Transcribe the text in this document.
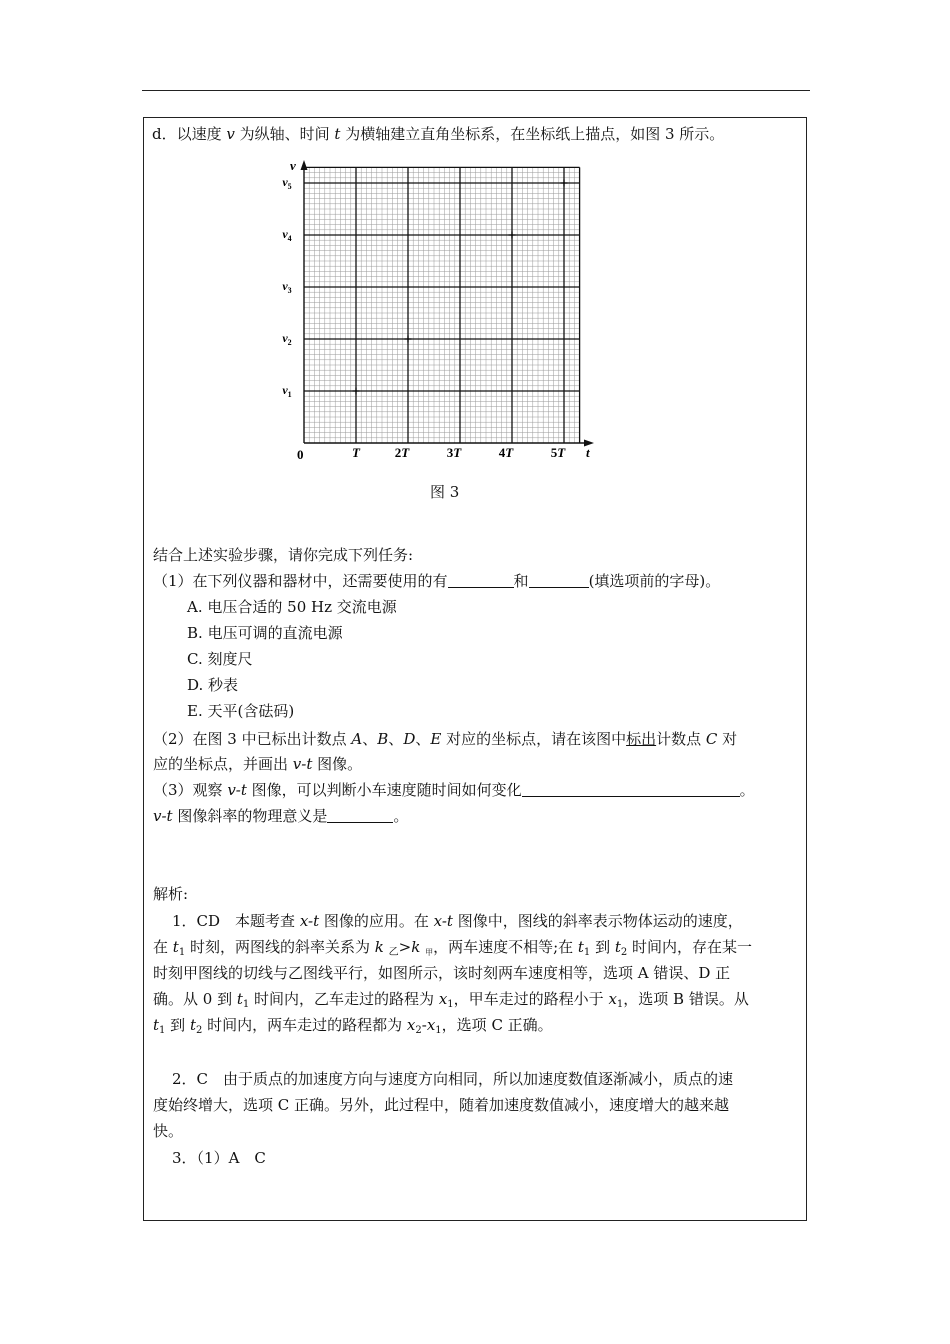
d．以速度 v 为纵轴、时间 t 为横轴建立直角坐标系，在坐标纸上描点，如图 3 所示。
v
t
0	T	2T	3T	4T	5T
$v_1$
$v_2$
$v_3$
$v_4$
$v_5$
图 3
结合上述实验步骤，请你完成下列任务:
（1）在下列仪器和器材中，还需要使用的有	和	(填选项前的字母)。
A. 电压合适的 50 Hz 交流电源
B. 电压可调的直流电源
C. 刻度尺
D. 秒表
E. 天平(含砝码)
（2）在图 3 中已标出计数点 A、B、D、E 对应的坐标点，请在该图中标出计数点 C 对
应的坐标点，并画出 v-t 图像。
（3）观察 v-t 图像，可以判断小车速度随时间如何变化	。
v-t 图像斜率的物理意义是	。
解析:
1．CD　本题考查 x-t 图像的应用。在 x-t 图像中，图线的斜率表示物体运动的速度，
在 $t_1$ 时刻，两图线的斜率关系为 k $_乙$>k $_甲$，两车速度不相等;在 $t_1$ 到 $t_2$ 时间内，存在某一
时刻甲图线的切线与乙图线平行，如图所示，该时刻两车速度相等，选项 A 错误、D 正
确。从 0 到 $t_1$ 时间内，乙车走过的路程为 $x_1$，甲车走过的路程小于 $x_1$，选项 B 错误。从
$t_1$ 到 $t_2$ 时间内，两车走过的路程都为 $x_2-x_1$，选项 C 正确。
2．C　由于质点的加速度方向与速度方向相同，所以加速度数值逐渐减小，质点的速
度始终增大，选项 C 正确。另外，此过程中，随着加速度数值减小，速度增大的越来越
快。
3．（1）A　C
